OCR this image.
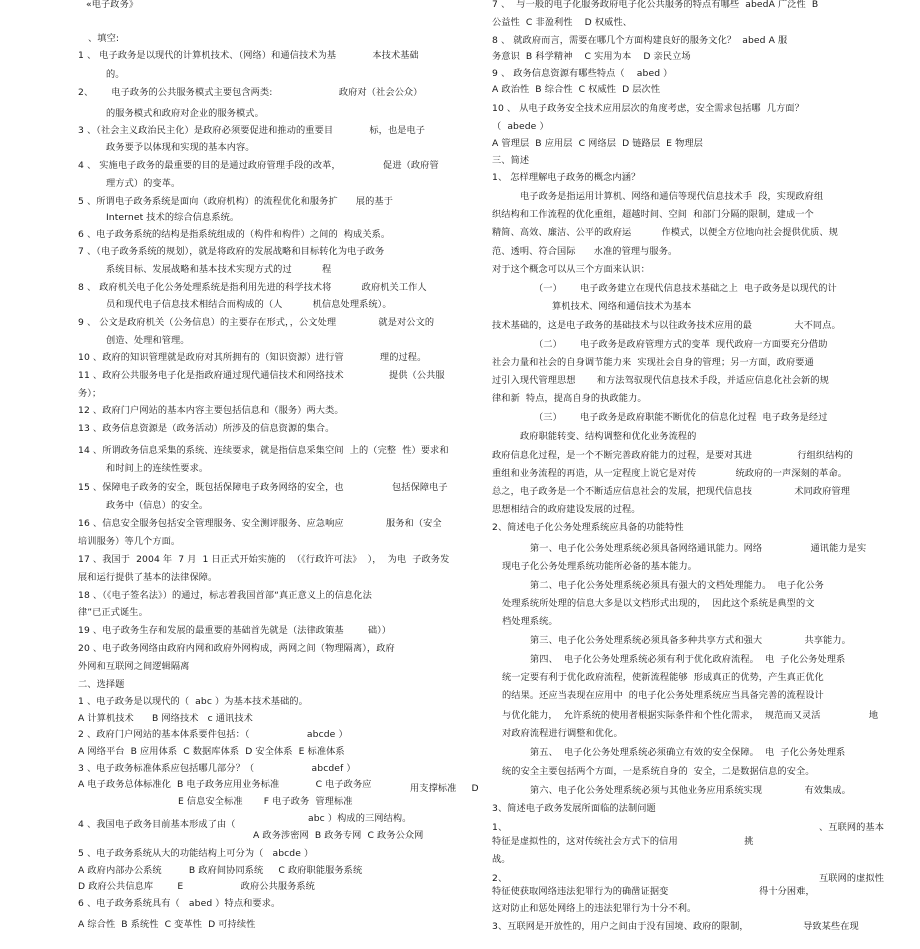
«电子政务》
、填空:
1 、 电子政务是以现代的计算机技术、（网络）和通信技术为基            本技术基础
的。
2、      电子政务的公共服务模式主要包含两类:                      政府对（社会公众）
的服务模式和政府对企业的服务模式。
3 、（社会主义政治民主化）是政府必须要促进和推动的重要目            标，也是电子
政务要予以体现和实现的基本内容。
4 、 实施电子政务的最重要的目的是通过政府管理手段的改革，              促进（政府管
理方式）的变革。
5 、所谓电子政务系统是面向（政府机构）的流程优化和服务扩      展的基于
Internet 技术的综合信息系统。
6 、电子政务系统的结构是指系统组成的（构件和构件）之间的  构成关系。
7 、（电子政务系统的规划），就是将政府的发展战略和目标转化为电子政务
系统目标、发展战略和基本技术实现方式的过          程
8 、 政府机关电子化公务处理系统是指利用先进的科学技术将          政府机关工作人
员和现代电子信息技术相结合而构成的（人          机信息处理系统）。
9 、 公文是政府机关（公务信息）的主要存在形式，，公文处理              就是对公文的
创造、处理和管理。
10 、政府的知识管理就是政府对其所拥有的（知识资源）进行管            理的过程。
11 、政府公共服务电子化是指政府通过现代通信技术和网络技术               提供（公共服
务）；
12 、政府门户网站的基本内容主要包括信息和（服务）两大类。
13 、政务信息资源是（政务活动）所涉及的信息资源的集合。
14 、所谓政务信息采集的系统、连续要求，就是指信息采集空间  上的（完整  性）要求和
和时间上的连续性要求。
15 、保障电子政务的安全，既包括保障电子政务网络的安全，也                包括保障电子
政务中（信息）的安全。
16 、信息安全服务包括安全管理服务、安全测评服务、应急响应              服务和（安全
培训服务）等几个方面。
17 、我国于  2004 年  7 月  1 日正式开始实施的  （《行政许可法》  ），  为电  子政务发
展和运行提供了基本的法律保障。
18 、（《电子签名法》）的通过，标志着我国首部“真正意义上的信息化法
律”已正式诞生。
19 、电子政务生存和发展的最重要的基础首先就是（法律政策基        础））
20 、电子政务网络由政府内网和政府外网构成，两网之间（物理隔离），政府
外网和互联网之间逻辑隔离
二、选择题
1 、电子政务是以现代的（  abc ）为基本技术基础的。
A 计算机技术      B 网络技术   c 通讯技术
2 、政府门户网站的基本体系要件包括：（                   abcde ）
A 网络平台  B 应用体系  C 数据库体系  D 安全体系  E 标准体系
3 、电子政务标准体系应包括哪几部分？（                   abcdef ）
A 电子政务总体标准化  B 电子政务应用业务标准            C 电子政务应	用支撑标准     D
E 信息安全标准       F 电子政务  管理标准
abc ）构成的三网结构。
4 、我国电子政务目前基本形成了由（
A 政务涉密网  B 政务专网  C 政务公众网
5 、电子政务系统从大的功能结构上可分为（   abcde ）
A 政府内部办公系统         B 政府间协同系统     C 政府职能服务系统
D 政府公共信息库        E                   政府公共服务系统
6 、电子政务系统具有（   abed ）特点和要求。
A 综合性  B 系统性  C 变革性  D 可持续性
7 、  与一般的电子化服务政府电子化公共服务的特点有哪些  abedA 广泛性  B
公益性  C 非盈利性    D 权威性、
8 、 就政府而言，需要在哪几个方面构建良好的服务文化？  abed A 服
务意识  B 科学精神    C 实用为本    D 亲民立场
9 、 政务信息资源有哪些特点（    abed ）
A 政治性  B 综合性  C 权威性  D 层次性
10 、 从电子政务安全技术应用层次的角度考虑，安全需求包括哪  几方面？
（  abede ）
A 管理层  B 应用层  C 网络层  D 链路层  E 物理层
三、简述
1、 怎样理解电子政务的概念内涵？
电子政务是指运用计算机、网络和通信等现代信息技术手  段，实现政府组
织结构和工作流程的优化重组，超越时间、空间  和部门分隔的限制，建成一个
精简、高效、廉洁、公平的政府运          作模式，以便全方位地向社会提供优质、规
范、透明、符合国际      水准的管理与服务。
对于这个概念可以从三个方面来认识：
（一）      电子政务建立在现代信息技术基础之上  电子政务是以现代的计
算机技术、网络和通信技术为基本
技术基础的，这是电子政务的基础技术与以往政务技术应用的最              大不同点。
（二）      电子政务是政府管理方式的变革  现代政府一方面要充分借助
社会力量和社会的自身调节能力来  实现社会自身的管理；另一方面，政府要通
过引入现代管理思想       和方法驾驭现代信息技术手段，并适应信息化社会新的规
律和新  特点，提高自身的执政能力。
（三）      电子政务是政府职能不断优化的信息化过程  电子政务是经过
政府职能转变、结构调整和优化业务流程的
政府信息化过程，是一个不断完善政府能力的过程，是要对其进               行组织结构的
重组和业务流程的再造，从一定程度上说它是对传             统政府的一声深刻的革命。
总之，电子政务是一个不断适应信息社会的发展，把现代信息技              术同政府管理
思想相结合的政府建设发展的过程。
2、简述电子化公务处理系统应具备的功能特性
第一、电子化公务处理系统必须具备网络通讯能力。网络                通讯能力是实
现电子化公务处理系统功能所必备的基本能力。
第二、电子化公务处理系统必须具有强大的文档处理能力。  电子化公务
处理系统所处理的信息大多是以文档形式出现的，  因此这个系统是典型的文
档处理系统。
第三、电子化公务处理系统必须具备多种共享方式和强大              共享能力。
第四、  电子化公务处理系统必须有利于优化政府流程。  电  子化公务处理系
统一定要有利于优化政府流程，使新流程能够  形成真正的优势，产生真正优化
的结果。还应当表现在应用中  的电子化公务处理系统应当具备完善的流程设计
与优化能力，  允许系统的使用者根据实际条件和个性化需求，  规范而又灵活                地
对政府流程进行调整和优化。
第五、  电子化公务处理系统必须确立有效的安全保障。  电  子化公务处理系
统的安全主要包括两个方面，一是系统自身的  安全，二是数据信息的安全。
第六、电子化公务处理系统必须与其他业务应用系统实现              有效集成。
3、简述电子政务发展所面临的法制问题
1、	、互联网的基本
特征是虚拟性的，这对传统社会方式下的信用                      挑
战。
2、	互联网的虚拟性
特征使获取网络违法犯罪行为的确凿证据变                              得十分困难，
这对防止和惩处网络上的违法犯罪行为十分不利。
3、互联网是开放性的，用户之间由于没有国境、政府的限制，                  导致某些在现
